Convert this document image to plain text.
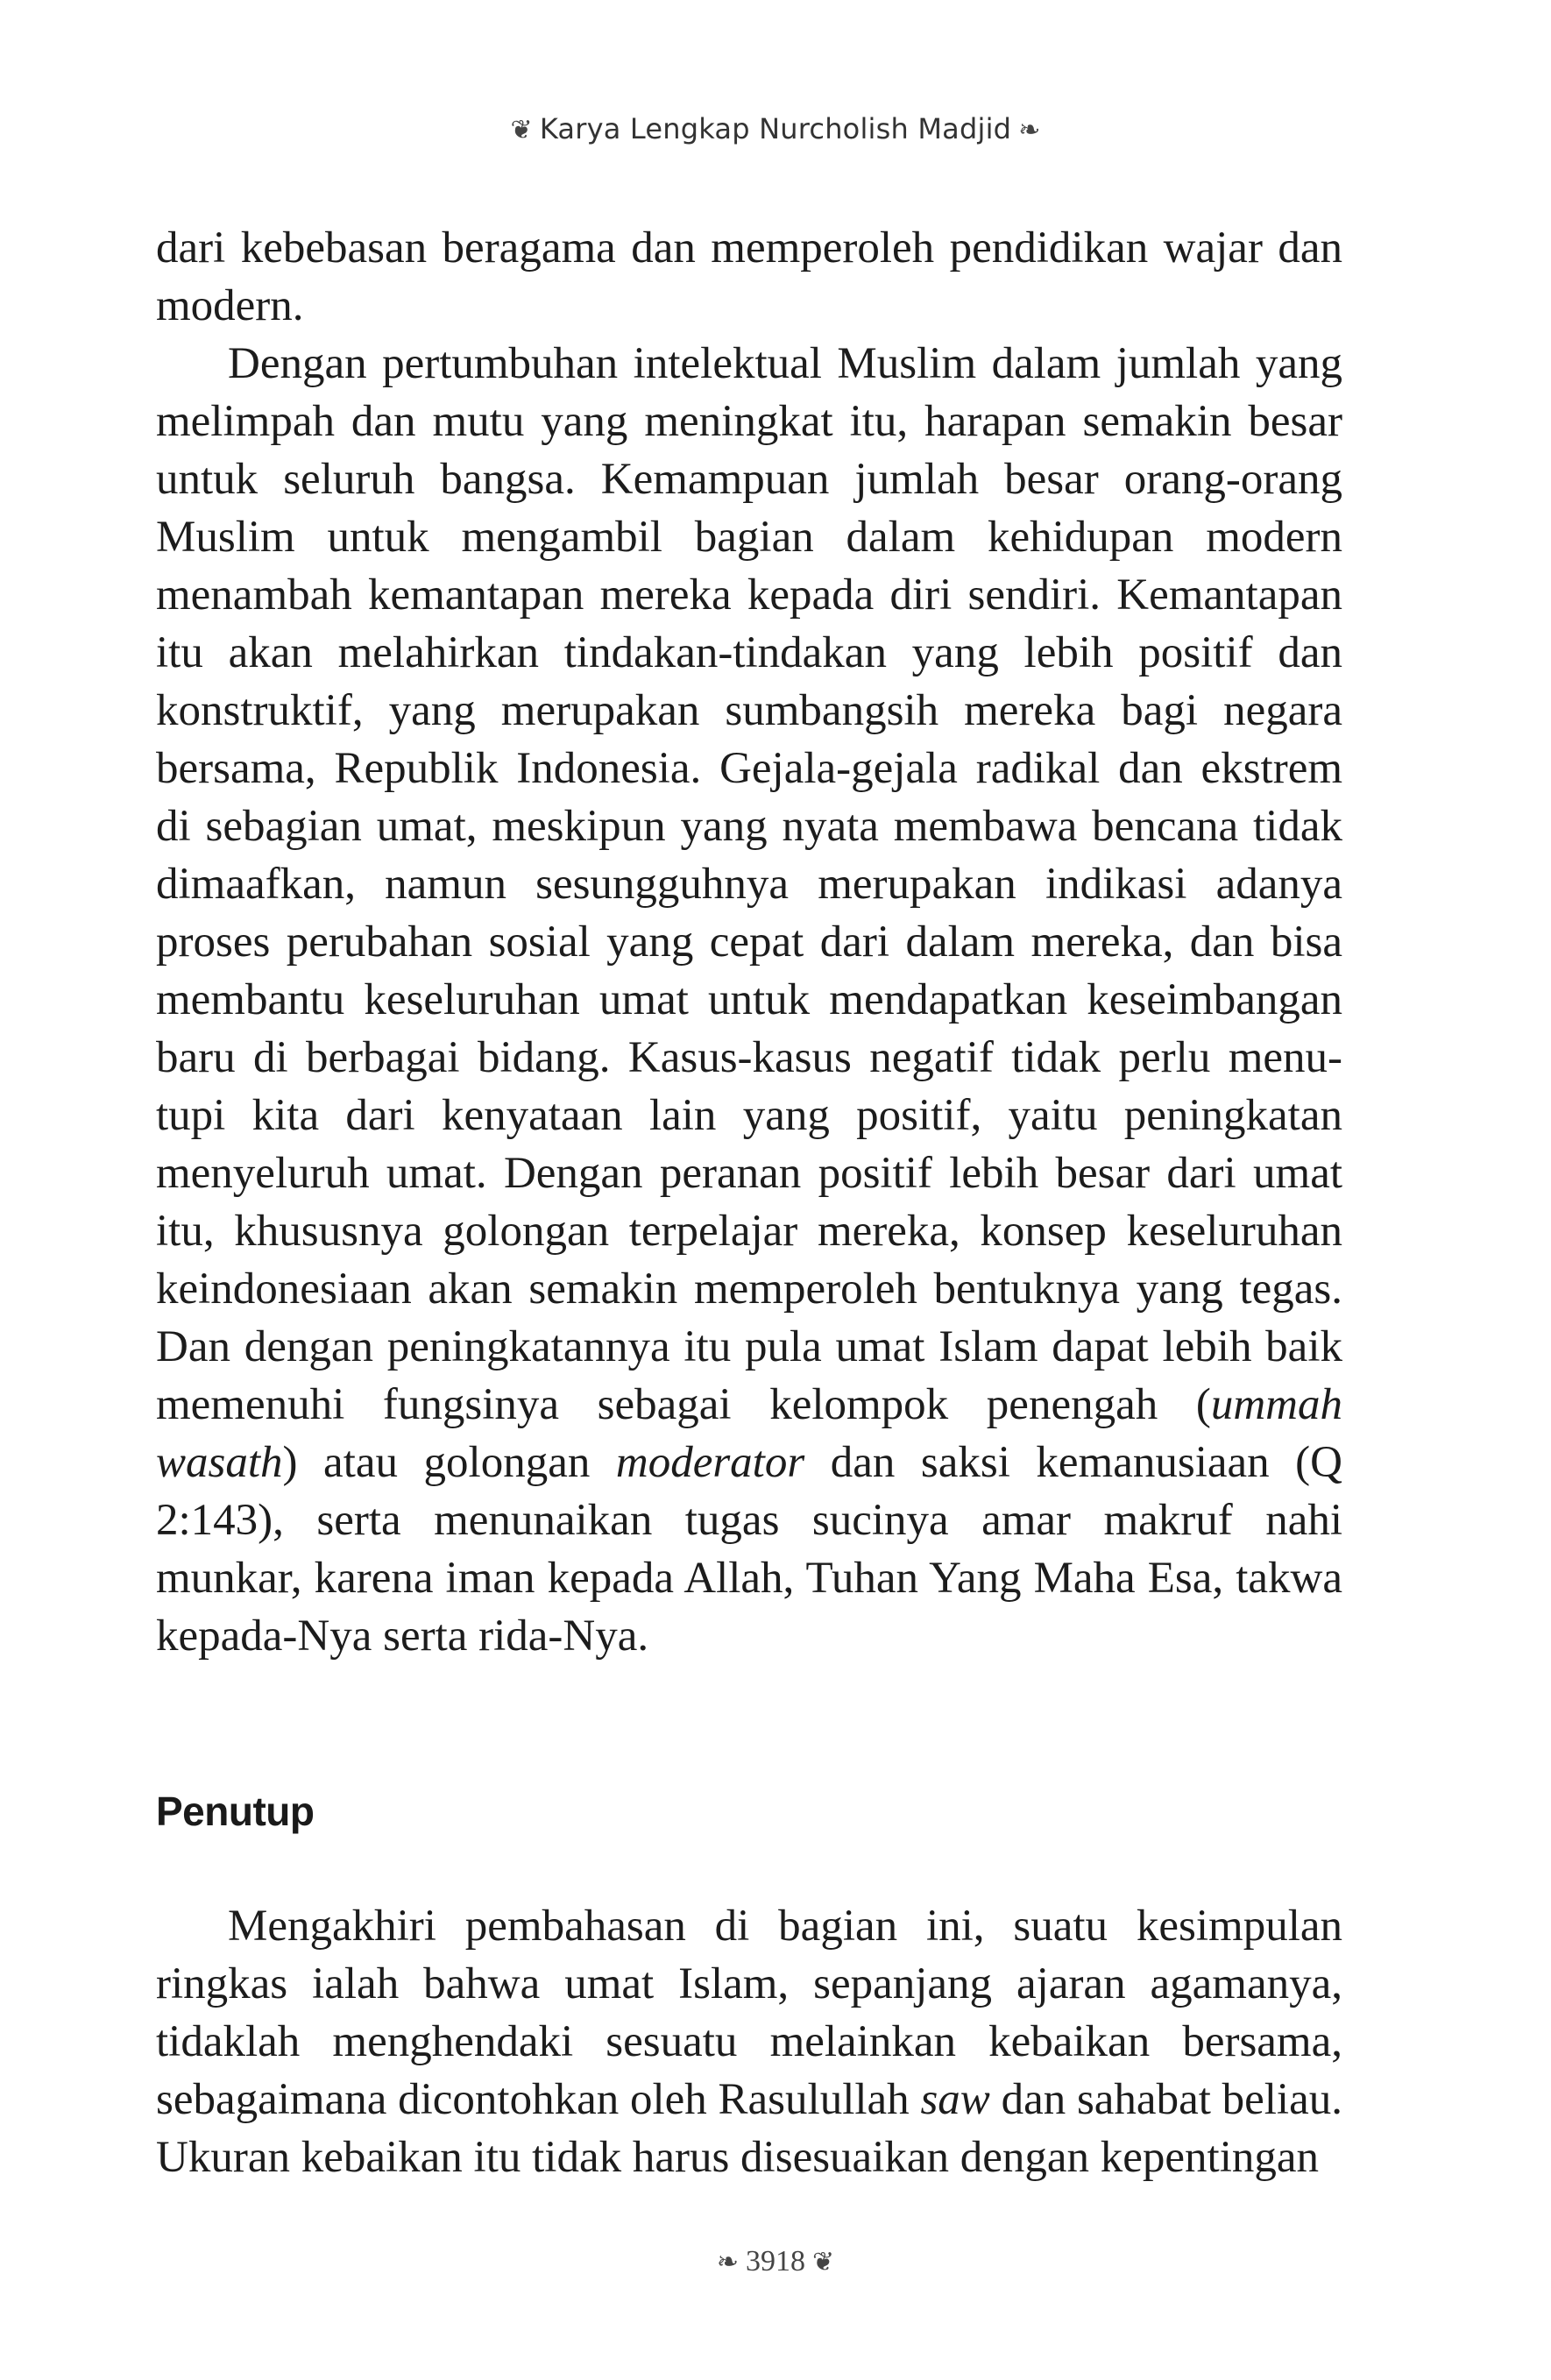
❦ Karya Lengkap Nurcholish Madjid ❧

dari kebebasan beragama dan memperoleh pendidikan wajar dan modern.

Dengan pertumbuhan intelektual Muslim dalam jumlah yang melimpah dan mutu yang meningkat itu, harapan semakin besar untuk seluruh bangsa. Kemampuan jumlah besar orang-orang Muslim untuk mengambil bagian dalam kehidupan modern menambah kemantapan mereka kepada diri sendiri. Kemantapan itu akan melahirkan tindakan-tindakan yang lebih positif dan konstruktif, yang merupakan sumbangsih mereka bagi negara bersama, Republik Indonesia. Gejala-gejala radikal dan ekstrem di sebagian umat, meskipun yang nyata membawa bencana tidak dimaafkan, namun sesungguhnya merupakan indikasi adanya proses perubahan sosial yang cepat dari dalam mereka, dan bisa membantu keseluruhan umat untuk mendapatkan keseimbangan baru di berbagai bidang. Kasus-kasus negatif tidak perlu menutupi kita dari kenyataan lain yang positif, yaitu peningkatan menyeluruh umat. Dengan peranan positif lebih besar dari umat itu, khususnya golongan terpelajar mereka, konsep keseluruhan keindonesiaan akan semakin memperoleh bentuknya yang tegas. Dan dengan peningkatannya itu pula umat Islam dapat lebih baik memenuhi fungsinya sebagai kelompok penengah (ummah wasath) atau golongan moderator dan saksi kemanusiaan (Q 2:143), serta menunaikan tugas sucinya amar makruf nahi munkar, karena iman kepada Allah, Tuhan Yang Maha Esa, takwa kepada-Nya serta rida-Nya.

Penutup

Mengakhiri pembahasan di bagian ini, suatu kesimpulan ringkas ialah bahwa umat Islam, sepanjang ajaran agamanya, tidaklah menghendaki sesuatu melainkan kebaikan bersama, sebagaimana dicontohkan oleh Rasulullah saw dan sahabat beliau. Ukuran kebaikan itu tidak harus disesuaikan dengan kepentingan

❧ 3918 ❦
